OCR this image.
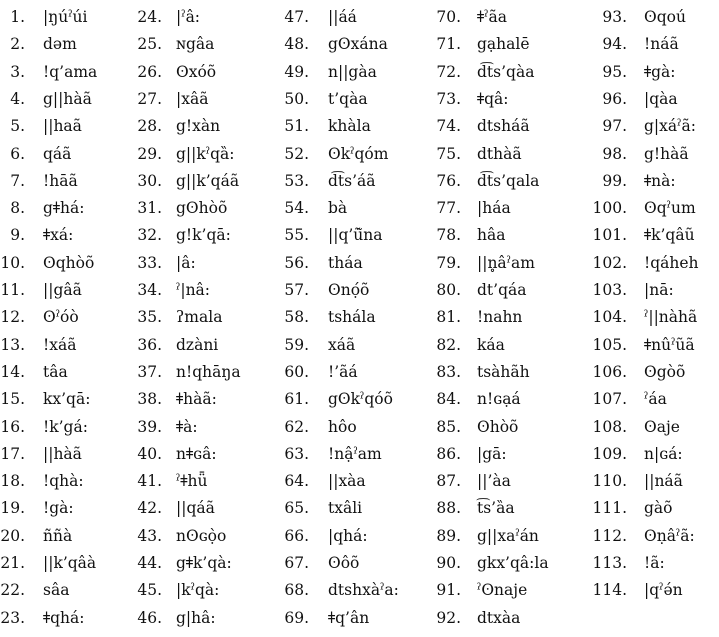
1. |ŋúˀúi
2. dəm
3. !q’ama
4. g||hàã
5. ||haã
6. qáã
7. !hāã
8. gǂhá:
9. ǂxá:
10. ʘqhòõ
11. ||gâã
12. ʘˀóò
13. !xáã
14. tâa
15. kx’qā:
16. !k’gá:
17. ||hàã
18. !qhà:
19. !gà:
20. ññà
21. ||k’qâà
22. sâa
23. ǂqhá:
24. |ˀâ:
25. ɴgâa
26. ʘxóõ
27. |xâã
28. g!xàn
29. g||kˀqȁ:
30. g||k’qáã
31. gʘhòõ
32. g!k’qā:
33. |â:
34. ˀ|nâ:
35. ʔmala
36. dzàni
37. n!qhāŋa
38. ǂhàã:
39. ǂà:
40. nǂɢâ:
41. ˀǂhǖ
42. ||qáã
43. nʘɢọ̀o
44. gǂk’qà:
45. |kˀqà:
46. g|hâ:
47. ||áá
48. gʘxána
49. n||gàa
50. t’qàa
51. khàla
52. ʘkˀqóm
53. d͡ts’áã
54. bà
55. ||q’ũ̃na
56. tháa
57. ʘnọ́õ
58. tshála
59. xáã
60. !’ãá
61. gʘkˀqóõ
62. hôo
63. !nậˀam
64. ||xàa
65. txâli
66. |qhá:
67. ʘôõ
68. dtshxàˀa:
69. ǂq’ân
70. ǂˀãa
71. gạhalē
72. d͡ts’qàa
73. ǂqâ:
74. dtsháã
75. dthàã
76. d͡ts’qala
77. |háa
78. hâa
79. ||n̥âˀam
80. dt’qáa
81. !nahn
82. káa
83. tsàhãh
84. n!ɢạá
85. ʘhòõ
86. |gā:
87. ||’àa
88. t͡s’ȁa
89. g||xaˀán
90. gkx’qâ:la
91. ˀʘnaje
92. dtxàa
93. ʘqoú
94. !náã
95. ǂgà:
96. |qàa
97. g|xáˀã:
98. g!hàã
99. ǂnà:
100. ʘqˀum
101. ǂk’qâũ
102. !qáheh
103. |nā:
104. ˀ||nàhã
105. ǂnûˀũã
106. ʘgòõ
107. ˀáa
108. ʘaje
109. n|ɢá:
110. ||náã
111. gàõ
112. ʘṇâˀã:
113. !ã:
114. |qˀə́n
